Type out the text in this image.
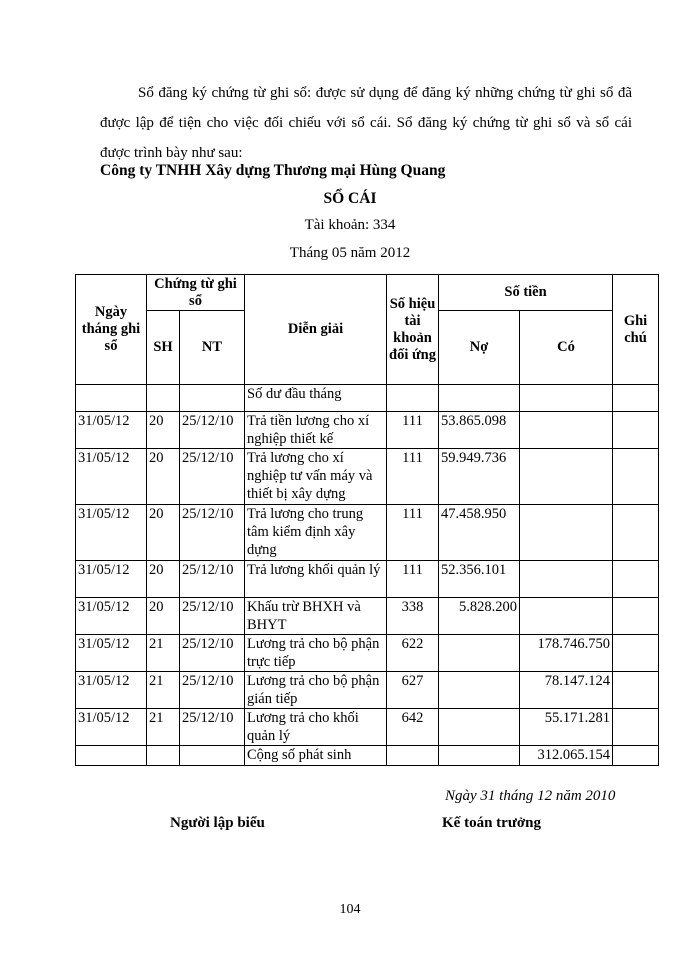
Sổ đăng ký chứng từ ghi sổ: được sử dụng để đăng ký những chứng từ ghi sổ đã được lập để tiện cho việc đối chiếu với sổ cái. Sổ đăng ký chứng từ ghi sổ và sổ cái được trình bày như sau:
Công ty TNHH Xây dựng Thương mại Hùng Quang
SỔ CÁI
Tài khoản: 334
Tháng 05 năm 2012
Ngày tháng ghi sổ	Chứng từ ghi sổ		Diễn giải	Số hiệu tài khoản đối ứng	Số tiền		Ghi chú
	SH	NT			Nợ	Có	
			Số dư đầu tháng				
31/05/12	20	25/12/10	Trả tiền lương cho xí nghiệp thiết kế	111	53.865.098		
31/05/12	20	25/12/10	Trả lương cho xí nghiệp tư vấn máy và thiết bị xây dựng	111	59.949.736		
31/05/12	20	25/12/10	Trả lương cho trung tâm kiểm định xây dựng	111	47.458.950		
31/05/12	20	25/12/10	Trả lương khối quản lý	111	52.356.101		
31/05/12	20	25/12/10	Khấu trừ BHXH và BHYT	338	5.828.200		
31/05/12	21	25/12/10	Lương trả cho bộ phận trực tiếp	622		178.746.750	
31/05/12	21	25/12/10	Lương trả cho bộ phận gián tiếp	627		78.147.124	
31/05/12	21	25/12/10	Lương trả cho khối quản lý	642		55.171.281	
			Cộng số phát sinh			312.065.154	
Ngày 31 tháng 12 năm 2010
Người lập biểu	Kế toán trưởng
104
